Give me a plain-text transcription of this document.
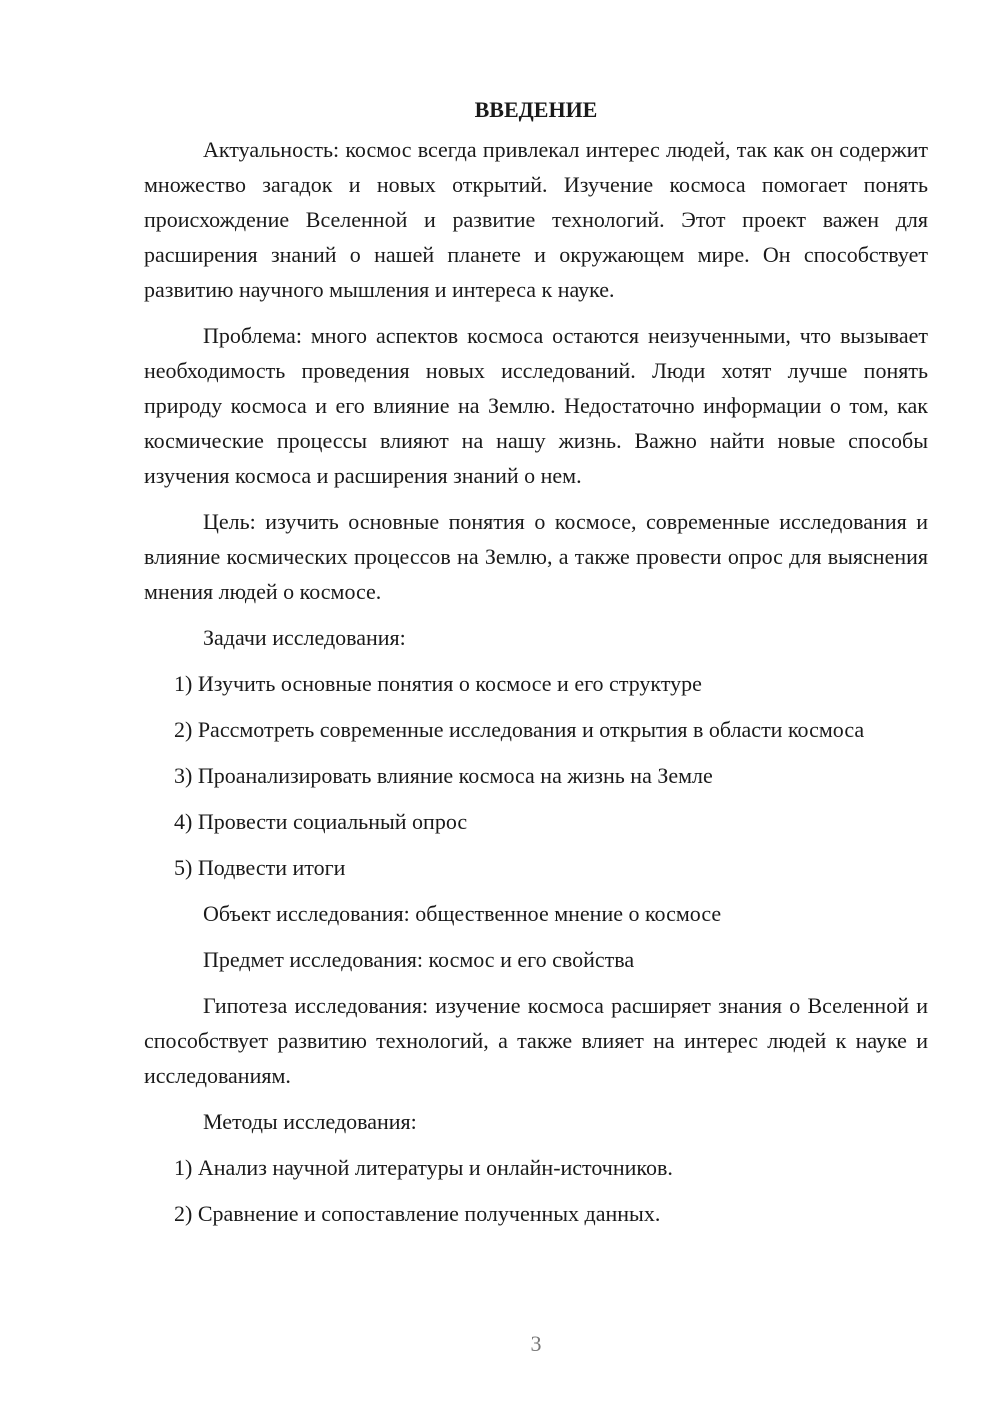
ВВЕДЕНИЕ

Актуальность: космос всегда привлекал интерес людей, так как он содержит множество загадок и новых открытий. Изучение космоса помогает понять происхождение Вселенной и развитие технологий. Этот проект важен для расширения знаний о нашей планете и окружающем мире. Он способствует развитию научного мышления и интереса к науке.

Проблема: много аспектов космоса остаются неизученными, что вызывает необходимость проведения новых исследований. Люди хотят лучше понять природу космоса и его влияние на Землю. Недостаточно информации о том, как космические процессы влияют на нашу жизнь. Важно найти новые способы изучения космоса и расширения знаний о нем.

Цель: изучить основные понятия о космосе, современные исследования и влияние космических процессов на Землю, а также провести опрос для выяснения мнения людей о космосе.

Задачи исследования:

1) Изучить основные понятия о космосе и его структуре

2) Рассмотреть современные исследования и открытия в области космоса

3) Проанализировать влияние космоса на жизнь на Земле

4) Провести социальный опрос

5) Подвести итоги

Объект исследования: общественное мнение о космосе

Предмет исследования: космос и его свойства

Гипотеза исследования: изучение космоса расширяет знания о Вселенной и способствует развитию технологий, а также влияет на интерес людей к науке и исследованиям.

Методы исследования:

1) Анализ научной литературы и онлайн-источников.

2) Сравнение и сопоставление полученных данных.

3
